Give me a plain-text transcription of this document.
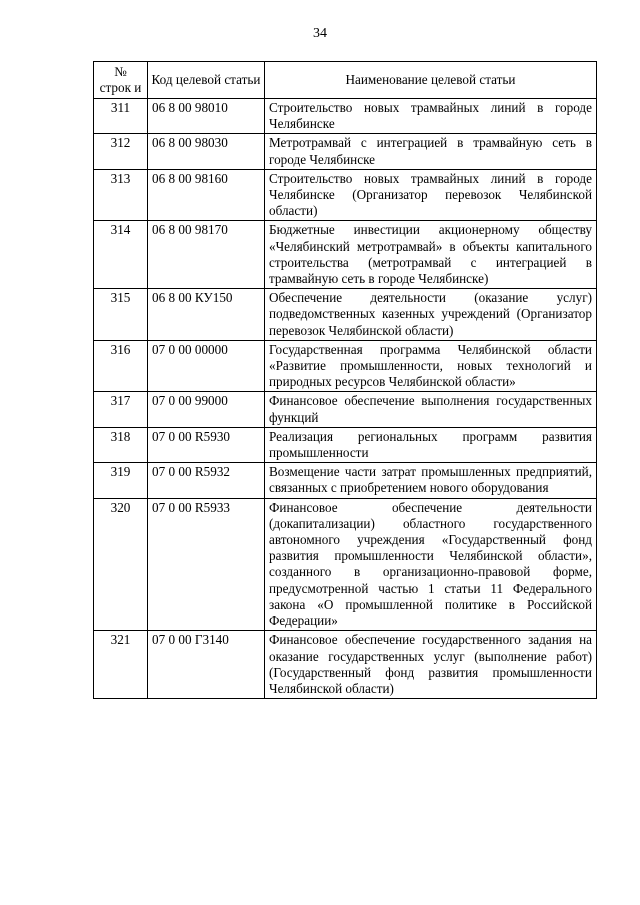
34
№ строк и	Код целевой статьи	Наименование целевой статьи
311	06 8 00 98010	Строительство новых трамвайных линий в городе Челябинске
312	06 8 00 98030	Метротрамвай с интеграцией в трамвайную сеть в городе Челябинске
313	06 8 00 98160	Строительство новых трамвайных линий в городе Челябинске (Организатор перевозок Челябинской области)
314	06 8 00 98170	Бюджетные инвестиции акционерному обществу «Челябинский метротрамвай» в объекты капитального строительства (метротрамвай с интеграцией в трамвайную сеть в городе Челябинске)
315	06 8 00 КУ150	Обеспечение деятельности (оказание услуг) подведомственных казенных учреждений (Организатор перевозок Челябинской области)
316	07 0 00 00000	Государственная программа Челябинской области «Развитие промышленности, новых технологий и природных ресурсов Челябинской области»
317	07 0 00 99000	Финансовое обеспечение выполнения государственных функций
318	07 0 00 R5930	Реализация региональных программ развития промышленности
319	07 0 00 R5932	Возмещение части затрат промышленных предприятий, связанных с приобретением нового оборудования
320	07 0 00 R5933	Финансовое обеспечение деятельности (докапитализации) областного государственного автономного учреждения «Государственный фонд развития промышленности Челябинской области», созданного в организационно-правовой форме, предусмотренной частью 1 статьи 11 Федерального закона «О промышленной политике в Российской Федерации»
321	07 0 00 Г3140	Финансовое обеспечение государственного задания на оказание государственных услуг (выполнение работ) (Государственный фонд развития промышленности Челябинской области)
